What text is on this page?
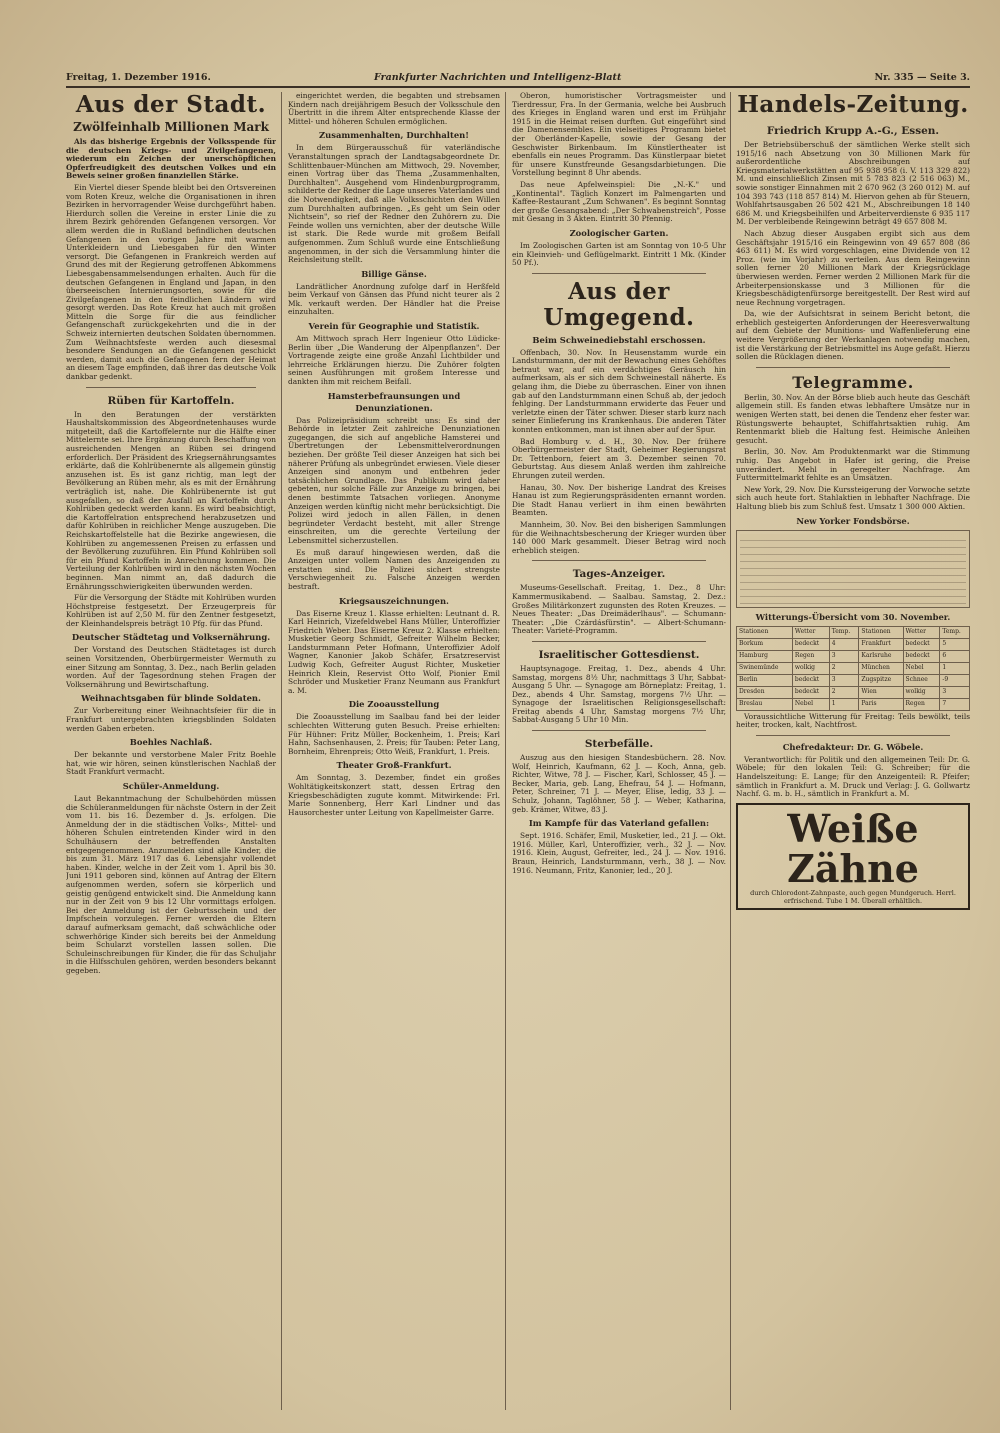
Freitag, 1. Dezember 1916.	Frankfurter Nachrichten und Intelligenz-Blatt	Nr. 335 — Seite 3.
Aus der Stadt.
Zwölfeinhalb Millionen Mark

Als das bisherige Ergebnis der Volksspende für die deutschen Kriegs- und Zivilgefangenen, wiederum ein Zeichen der unerschöpflichen Opferfreudigkeit des deutschen Volkes und ein Beweis seiner großen finanziellen Stärke.

Ein Viertel dieser Spende bleibt bei den Ortsvereinen vom Roten Kreuz, welche die Organisationen in ihren Bezirken in hervorragender Weise durchgeführt haben. Hierdurch sollen die Vereine in erster Linie die zu ihrem Bezirk gehörenden Gefangenen versorgen. Vor allem werden die in Rußland befindlichen deutschen Gefangenen in den vorigen Jahre mit warmen Unterkleidern und Liebesgaben für den Winter versorgt. Die Gefangenen in Frankreich werden auf Grund des mit der Regierung getroffenen Abkommens Liebesgabensammelsendungen erhalten. Auch für die deutschen Gefangenen in England und Japan, in den überseeischen Internierungsorten, sowie für die Zivilgefangenen in den feindlichen Ländern wird gesorgt werden. Das Rote Kreuz hat auch mit großen Mitteln die Sorge für die aus feindlicher Gefangenschaft zurückgekehrten und die in der Schweiz internierten deutschen Soldaten übernommen. Zum Weihnachtsfeste werden auch diesesmal besondere Sendungen an die Gefangenen geschickt werden, damit auch die Gefangenen fern der Heimat an diesem Tage empfinden, daß ihrer das deutsche Volk dankbar gedenkt.

Rüben für Kartoffeln.

In den Beratungen der verstärkten Haushaltskommission des Abgeordnetenhauses wurde mitgeteilt, daß die Kartoffelernte nur die Hälfte einer Mittelernte sei. Ihre Ergänzung durch Beschaffung von ausreichenden Mengen an Rüben sei dringend erforderlich. Der Präsident des Kriegsernährungsamtes erklärte, daß die Kohlrübenernte als allgemein günstig anzusehen ist. Es ist ganz richtig, man legt der Bevölkerung an Rüben mehr, als es mit der Ernährung verträglich ist, nahe. Die Kohlrübenernte ist gut ausgefallen, so daß der Ausfall an Kartoffeln durch Kohlrüben gedeckt werden kann. Es wird beabsichtigt, die Kartoffelration entsprechend herabzusetzen und dafür Kohlrüben in reichlicher Menge auszugeben. Die Reichskartoffelstelle hat die Bezirke angewiesen, die Kohlrüben zu angemessenen Preisen zu erfassen und der Bevölkerung zuzuführen. Ein Pfund Kohlrüben soll für ein Pfund Kartoffeln in Anrechnung kommen. Die Verteilung der Kohlrüben wird in den nächsten Wochen beginnen. Man nimmt an, daß dadurch die Ernährungsschwierigkeiten überwunden werden.

Für die Versorgung der Städte mit Kohlrüben wurden Höchstpreise festgesetzt. Der Erzeugerpreis für Kohlrüben ist auf 2,50 M. für den Zentner festgesetzt, der Kleinhandelspreis beträgt 10 Pfg. für das Pfund.

Deutscher Städtetag und Volksernährung.

Der Vorstand des Deutschen Städtetages ist durch seinen Vorsitzenden, Oberbürgermeister Wermuth zu einer Sitzung am Sonntag, 3. Dez., nach Berlin geladen worden. Auf der Tagesordnung stehen Fragen der Volksernährung und Bewirtschaftung.

Weihnachtsgaben für blinde Soldaten.

Zur Vorbereitung einer Weihnachtsfeier für die in Frankfurt untergebrachten kriegsblinden Soldaten werden Gaben erbeten.

Boehles Nachlaß.

Der bekannte und verstorbene Maler Fritz Boehle hat, wie wir hören, seinen künstlerischen Nachlaß der Stadt Frankfurt vermacht.

Schüler-Anmeldung.

Laut Bekanntmachung der Schulbehörden müssen die Schüleranmeldungen für nächste Ostern in der Zeit vom 11. bis 16. Dezember d. Js. erfolgen. Die Anmeldung der in die städtischen Volks-, Mittel- und höheren Schulen eintretenden Kinder wird in den Schulhäusern der betreffenden Anstalten entgegengenommen. Anzumelden sind alle Kinder, die bis zum 31. März 1917 das 6. Lebensjahr vollendet haben. Kinder, welche in der Zeit vom 1. April bis 30. Juni 1911 geboren sind, können auf Antrag der Eltern aufgenommen werden, sofern sie körperlich und geistig genügend entwickelt sind. Die Anmeldung kann nur in der Zeit von 9 bis 12 Uhr vormittags erfolgen. Bei der Anmeldung ist der Geburtsschein und der Impfschein vorzulegen. Ferner werden die Eltern darauf aufmerksam gemacht, daß schwächliche oder schwerhörige Kinder sich bereits bei der Anmeldung beim Schularzt vorstellen lassen sollen. Die Schuleinschreibungen für Kinder, die für das Schuljahr in die Hilfsschulen gehören, werden besonders bekannt gegeben.

eingerichtet werden, die begabten und strebsamen Kindern nach dreijährigem Besuch der Volksschule den Übertritt in die ihrem Alter entsprechende Klasse der Mittel- und höheren Schulen ermöglichen.

Zusammenhalten, Durchhalten!

In dem Bürgerausschuß für vaterländische Veranstaltungen sprach der Landtagsabgeordnete Dr. Schlittenbauer-München am Mittwoch, 29. November, einen Vortrag über das Thema „Zusammenhalten, Durchhalten". Ausgehend vom Hindenburgprogramm, schilderte der Redner die Lage unseres Vaterlandes und die Notwendigkeit, daß alle Volksschichten den Willen zum Durchhalten aufbringen. „Es geht um Sein oder Nichtsein", so rief der Redner den Zuhörern zu. Die Feinde wollen uns vernichten, aber der deutsche Wille ist stark. Die Rede wurde mit großem Beifall aufgenommen. Zum Schluß wurde eine Entschließung angenommen, in der sich die Versammlung hinter die Reichsleitung stellt.

Billige Gänse.

Landrätlicher Anordnung zufolge darf in Herßfeld beim Verkauf von Gänsen das Pfund nicht teurer als 2 Mk. verkauft werden. Der Händler hat die Preise einzuhalten.

Verein für Geographie und Statistik.

Am Mittwoch sprach Herr Ingenieur Otto Lüdicke-Berlin über „Die Wanderung der Alpenpflanzen". Der Vortragende zeigte eine große Anzahl Lichtbilder und lehrreiche Erklärungen hierzu. Die Zuhörer folgten seinen Ausführungen mit großem Interesse und dankten ihm mit reichem Beifall.

Hamsterbefraunsungen und Denunziationen.

Das Polizeipräsidium schreibt uns: Es sind der Behörde in letzter Zeit zahlreiche Denunziationen zugegangen, die sich auf angebliche Hamsterei und Übertretungen der Lebensmittelverordnungen beziehen. Der größte Teil dieser Anzeigen hat sich bei näherer Prüfung als unbegründet erwiesen. Viele dieser Anzeigen sind anonym und entbehren jeder tatsächlichen Grundlage. Das Publikum wird daher gebeten, nur solche Fälle zur Anzeige zu bringen, bei denen bestimmte Tatsachen vorliegen. Anonyme Anzeigen werden künftig nicht mehr berücksichtigt. Die Polizei wird jedoch in allen Fällen, in denen begründeter Verdacht besteht, mit aller Strenge einschreiten, um die gerechte Verteilung der Lebensmittel sicherzustellen.

Es muß darauf hingewiesen werden, daß die Anzeigen unter vollem Namen des Anzeigenden zu erstatten sind. Die Polizei sichert strengste Verschwiegenheit zu. Falsche Anzeigen werden bestraft.

Kriegsauszeichnungen.

Das Eiserne Kreuz 1. Klasse erhielten: Leutnant d. R. Karl Heinrich, Vizefeldwebel Hans Müller, Unteroffizier Friedrich Weber. Das Eiserne Kreuz 2. Klasse erhielten: Musketier Georg Schmidt, Gefreiter Wilhelm Becker, Landsturmmann Peter Hofmann, Unteroffizier Adolf Wagner, Kanonier Jakob Schäfer, Ersatzreservist Ludwig Koch, Gefreiter August Richter, Musketier Heinrich Klein, Reservist Otto Wolf, Pionier Emil Schröder und Musketier Franz Neumann aus Frankfurt a. M.

Die Zooausstellung

Die Zooausstellung im Saalbau fand bei der leider schlechten Witterung guten Besuch. Preise erhielten: Für Hühner: Fritz Müller, Bockenheim, 1. Preis; Karl Hahn, Sachsenhausen, 2. Preis; für Tauben: Peter Lang, Bornheim, Ehrenpreis; Otto Weiß, Frankfurt, 1. Preis.

Theater Groß-Frankfurt.

Am Sonntag, 3. Dezember, findet ein großes Wohltätigkeitskonzert statt, dessen Ertrag den Kriegsbeschädigten zugute kommt. Mitwirkende: Frl. Marie Sonnenberg, Herr Karl Lindner und das Hausorchester unter Leitung von Kapellmeister Garre.

Oberon, humoristischer Vortragsmeister und Tierdressur, Fra. In der Germania, welche bei Ausbruch des Krieges in England waren und erst im Frühjahr 1915 in die Heimat reisen durften. Gut eingeführt sind die Damenensembles. Ein vielseitiges Programm bietet der Oberländer-Kapelle, sowie der Gesang der Geschwister Birkenbaum. Im Künstlertheater ist ebenfalls ein neues Programm. Das Künstlerpaar bietet für unsere Kunstfreunde Gesangsdarbietungen. Die Vorstellung beginnt 8 Uhr abends.

Das neue Apfelweinspiel: Die „N.-K." und „Kontinental". Täglich Konzert im Palmengarten und Kaffee-Restaurant „Zum Schwanen". Es beginnt Sonntag der große Gesangsabend: „Der Schwabenstreich", Posse mit Gesang in 3 Akten. Eintritt 30 Pfennig.

Zoologischer Garten.

Im Zoologischen Garten ist am Sonntag von 10-5 Uhr ein Kleinvieh- und Geflügelmarkt. Eintritt 1 Mk. (Kinder 50 Pf.).

Aus der Umgegend.
Beim Schweinediebstahl erschossen.

Offenbach, 30. Nov. In Heusenstamm wurde ein Landsturmmann, der mit der Bewachung eines Gehöftes betraut war, auf ein verdächtiges Geräusch hin aufmerksam, als er sich dem Schweinestall näherte. Es gelang ihm, die Diebe zu überraschen. Einer von ihnen gab auf den Landsturmmann einen Schuß ab, der jedoch fehlging. Der Landsturmmann erwiderte das Feuer und verletzte einen der Täter schwer. Dieser starb kurz nach seiner Einlieferung ins Krankenhaus. Die anderen Täter konnten entkommen, man ist ihnen aber auf der Spur.

Bad Homburg v. d. H., 30. Nov. Der frühere Oberbürgermeister der Stadt, Geheimer Regierungsrat Dr. Tettenborn, feiert am 3. Dezember seinen 70. Geburtstag. Aus diesem Anlaß werden ihm zahlreiche Ehrungen zuteil werden.

Hanau, 30. Nov. Der bisherige Landrat des Kreises Hanau ist zum Regierungspräsidenten ernannt worden. Die Stadt Hanau verliert in ihm einen bewährten Beamten.

Mannheim, 30. Nov. Bei den bisherigen Sammlungen für die Weihnachtsbescherung der Krieger wurden über 140 000 Mark gesammelt. Dieser Betrag wird noch erheblich steigen.

Tages-Anzeiger.

Museums-Gesellschaft. Freitag, 1. Dez., 8 Uhr: Kammermusikabend. — Saalbau. Samstag, 2. Dez.: Großes Militärkonzert zugunsten des Roten Kreuzes. — Neues Theater: „Das Dreimäderlhaus". — Schumann-Theater: „Die Czárdásfürstin". — Albert-Schumann-Theater: Varieté-Programm.

Israelitischer Gottesdienst.

Hauptsynagoge. Freitag, 1. Dez., abends 4 Uhr. Samstag, morgens 8½ Uhr, nachmittags 3 Uhr, Sabbat-Ausgang 5 Uhr. — Synagoge am Börneplatz: Freitag, 1. Dez., abends 4 Uhr. Samstag, morgens 7½ Uhr. — Synagoge der Israelitischen Religionsgesellschaft: Freitag abends 4 Uhr, Samstag morgens 7½ Uhr, Sabbat-Ausgang 5 Uhr 10 Min.

Sterbefälle.

Auszug aus den hiesigen Standesbüchern. 28. Nov. Wolf, Heinrich, Kaufmann, 62 J. — Koch, Anna, geb. Richter, Witwe, 78 J. — Fischer, Karl, Schlosser, 45 J. — Becker, Maria, geb. Lang, Ehefrau, 54 J. — Hofmann, Peter, Schreiner, 71 J. — Meyer, Elise, ledig, 33 J. — Schulz, Johann, Taglöhner, 58 J. — Weber, Katharina, geb. Krämer, Witwe, 83 J.

Im Kampfe für das Vaterland gefallen:

Sept. 1916. Schäfer, Emil, Musketier, led., 21 J. — Okt. 1916. Müller, Karl, Unteroffizier, verh., 32 J. — Nov. 1916. Klein, August, Gefreiter, led., 24 J. — Nov. 1916. Braun, Heinrich, Landsturmmann, verh., 38 J. — Nov. 1916. Neumann, Fritz, Kanonier, led., 20 J.

Handels-Zeitung.
Friedrich Krupp A.-G., Essen.

Der Betriebsüberschuß der sämtlichen Werke stellt sich 1915/16 nach Absetzung von 30 Millionen Mark für außerordentliche Abschreibungen auf Kriegsmaterialwerkstätten auf 95 938 958 (i. V. 113 329 822) M. und einschließlich Zinsen mit 5 783 823 (2 516 063) M., sowie sonstiger Einnahmen mit 2 670 962 (3 260 012) M. auf 104 393 743 (118 857 814) M. Hiervon gehen ab für Steuern, Wohlfahrtsausgaben 26 502 421 M., Abschreibungen 18 140 686 M. und Kriegsbeihilfen und Arbeiterverdienste 6 935 117 M. Der verbleibende Reingewinn beträgt 49 657 808 M.

Nach Abzug dieser Ausgaben ergibt sich aus dem Geschäftsjahr 1915/16 ein Reingewinn von 49 657 808 (86 463 611) M. Es wird vorgeschlagen, eine Dividende von 12 Proz. (wie im Vorjahr) zu verteilen. Aus dem Reingewinn sollen ferner 20 Millionen Mark der Kriegsrücklage überwiesen werden. Ferner werden 2 Millionen Mark für die Arbeiterpensionskasse und 3 Millionen für die Kriegsbeschädigtenfürsorge bereitgestellt. Der Rest wird auf neue Rechnung vorgetragen.

Da, wie der Aufsichtsrat in seinem Bericht betont, die erheblich gesteigerten Anforderungen der Heeresverwaltung auf dem Gebiete der Munitions- und Waffenlieferung eine weitere Vergrößerung der Werkanlagen notwendig machen, ist die Verstärkung der Betriebsmittel ins Auge gefaßt. Hierzu sollen die Rücklagen dienen.

Telegramme.

Berlin, 30. Nov. An der Börse blieb auch heute das Geschäft allgemein still. Es fanden etwas lebhaftere Umsätze nur in wenigen Werten statt, bei denen die Tendenz eher fester war. Rüstungswerte behauptet, Schiffahrtsaktien ruhig. Am Rentenmarkt blieb die Haltung fest. Heimische Anleihen gesucht.

Berlin, 30. Nov. Am Produktenmarkt war die Stimmung ruhig. Das Angebot in Hafer ist gering, die Preise unverändert. Mehl in geregelter Nachfrage. Am Futtermittelmarkt fehlte es an Umsätzen.

New York, 29. Nov. Die Kurssteigerung der Vorwoche setzte sich auch heute fort. Stahlaktien in lebhafter Nachfrage. Die Haltung blieb bis zum Schluß fest. Umsatz 1 300 000 Aktien.

New Yorker Fondsbörse.
Witterungs-Übersicht vom 30. November.
Stationen	Wetter	Temp.	Stationen	Wetter	Temp.
Borkum	bedeckt	4	Frankfurt	bedeckt	5
Hamburg	Regen	3	Karlsruhe	bedeckt	6
Swinemünde	wolkig	2	München	Nebel	1
Berlin	bedeckt	3	Zugspitze	Schnee	-9
Dresden	bedeckt	2	Wien	wolkig	3
Breslau	Nebel	1	Paris	Regen	7

Voraussichtliche Witterung für Freitag: Teils bewölkt, teils heiter, trocken, kalt, Nachtfrost.

Chefredakteur: Dr. G. Wöbele.

Verantwortlich: für Politik und den allgemeinen Teil: Dr. G. Wöbele; für den lokalen Teil: G. Schreiber; für die Handelszeitung: E. Lange; für den Anzeigenteil: R. Pfeifer; sämtlich in Frankfurt a. M. Druck und Verlag: J. G. Gollwartz Nachf. G. m. b. H., sämtlich in Frankfurt a. M.

Weiße Zähne
durch Chlorodont-Zahnpaste, auch gegen Mundgeruch. Herrl. erfrischend. Tube 1 M. Überall erhältlich.
